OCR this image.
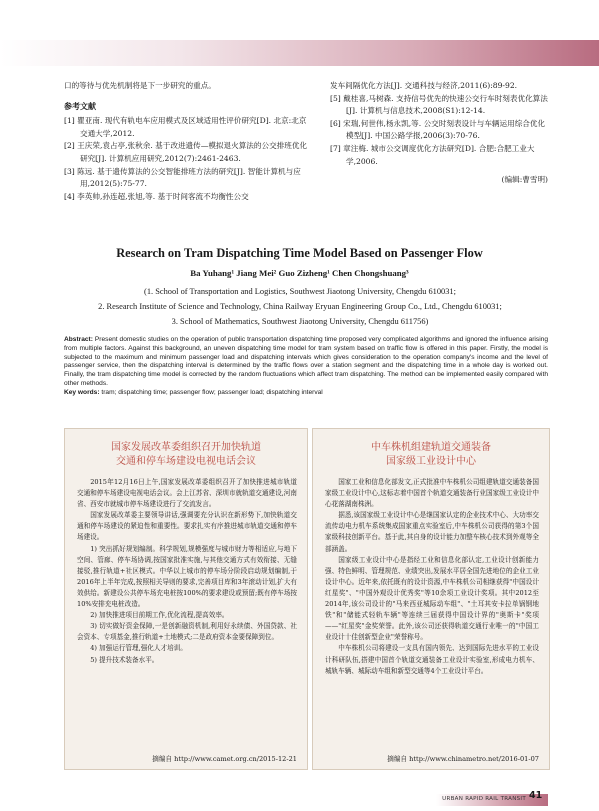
口的等待与优先机制将是下一步研究的重点。

参考文献

[1] 瞿亚南. 现代有轨电车应用模式及区域适用性评价研究[D]. 北京:北京交通大学,2012.

[2] 王庆荣,袁占亭,张秋余. 基于改进遗传—模拟退火算法的公交排班优化研究[J]. 计算机应用研究,2012(7):2461-2463.

[3] 陈远. 基于遗传算法的公交智能排班方法的研究[J]. 智能计算机与应用,2012(5):75-77.

[4] 李英帅,孙连超,张旭,等. 基于时间客流不均衡性公交

发车间隔优化方法[J]. 交通科技与经济,2011(6):89-92.

[5] 戴桂喜,马树森. 支持信号优先的快速公交行车时刻表优化算法[J]. 计算机与信息技术,2008(S1):12-14.

[6] 宋瑞,何世伟,杨永凯,等. 公交时刻表设计与车辆运用综合优化模型[J]. 中国公路学报,2006(3):70-76.

[7] 章注梅. 城市公交调度优化方法研究[D]. 合肥:合肥工业大学,2006.

(编辑:曹雪明)
Research on Tram Dispatching Time Model Based on Passenger Flow
Ba Yuhang¹ Jiang Mei² Guo Zizheng¹ Chen Chongshuang³
(1. School of Transportation and Logistics, Southwest Jiaotong University, Chengdu 610031;
2. Research Institute of Science and Technology, China Railway Eryuan Engineering Group Co., Ltd., Chengdu 610031;
3. School of Mathematics, Southwest Jiaotong University, Chengdu 611756)
Abstract: Present domestic studies on the operation of public transportation dispatching time proposed very complicated algorithms and ignored the influence arising from multiple factors. Against this background, an uneven dispatching time model for tram system based on traffic flow is offered in this paper. Firstly, the model is subjected to the maximum and minimum passenger load and dispatching intervals which gives consideration to the operation company's income and the level of passenger service, then the dispatching interval is determined by the traffic flows over a station segment and the dispatching time in a whole day is worked out. Finally, the tram dispatching time model is corrected by the random fluctuations which affect tram dispatching. The method can be implemented easily compared with other methods.
Key words: tram; dispatching time; passenger flow; passenger load; dispatching interval
国家发展改革委组织召开加快轨道
交通和停车场建设电视电话会议

2015年12月16日上午,国家发展改革委组织召开了加快推进城市轨道交通和停车场建设电视电话会议。会上江苏省、深圳市就轨道交通建设,河南省、西安市就城市停车场建设进行了交流发言。

国家发展改革委主要领导讲话,强调要充分认识在新形势下,加快轨道交通和停车场建设的紧迫性和重要性。要求扎实有序推进城市轨道交通和停车场建设。

1) 突出抓好规划编制。科学规划,规模强度与城市财力等相适应,与地下空间、管廊、停车场协调,按国家批准实施,与其他交通方式有效衔接、无缝接驳,推行轨道+社区模式。中华以上城市的停车场分阶段启动规划编制,于2016年上半年完成,按照相关导则的要求,完善项目库和3年滚动计划,扩大有效供给。新建设公共停车场充电桩按100%的要求建设或预留;既有停车场按10%安排充电桩改造。

2) 加快推进项目前期工作,优化流程,提高效率。

3) 切实做好资金保障,一是创新融资机制,利用好永续债、外国贷款、社会资本、专项基金,推行轨道+土地模式;二是政府资本金要保障到位。

4) 加强运行管理,强化人才培训。

5) 提升技术装备水平。

摘编自 http://www.camet.org.cn/2015-12-21
中车株机组建轨道交通装备
国家级工业设计中心

国家工业和信息化部发文,正式批准中车株机公司组建轨道交通装备国家级工业设计中心,这标志着中国首个轨道交通装备行业国家级工业设计中心花落湖南株洲。

据悉,该国家级工业设计中心是继国家认定的企业技术中心、大功率交流传动电力机车系统集成国家重点实验室后,中车株机公司获得的第3个国家级科技创新平台。基于此,其自身的设计能力加整车核心技术到外观等全部涵盖。

国家级工业设计中心是指经工业和信息化部认定,工业设计创新能力强、特色鲜明、管理规范、业绩突出,发展水平居全国先进地位的企业工业设计中心。近年来,依托既有的设计资源,中车株机公司相继获得"中国设计红星奖"、"中国外观设计优秀奖"等10余项工业设计奖项。其中2012至2014年,该公司设计的"马来西亚城际动车组"、"土耳其安卡拉单锅钢地铁"和"储能式轻轨车辆"等连续三届获得中国设计界的"奥斯卡"奖项——"红星奖"金奖荣誉。此外,该公司还获得轨道交通行业唯一的"中国工业设计十佳创新型企业"荣誉称号。

中车株机公司将建设一支具有国内领先、达到国际先进水平的工业设计科研队伍,搭建中国首个轨道交通装备工业设计实验室,形成电力机车、城轨车辆、城际动车组和新型交通等4个工业设计平台。

摘编自 http://www.chinametro.net/2016-01-07
URBAN RAPID RAIL TRANSIT 41
